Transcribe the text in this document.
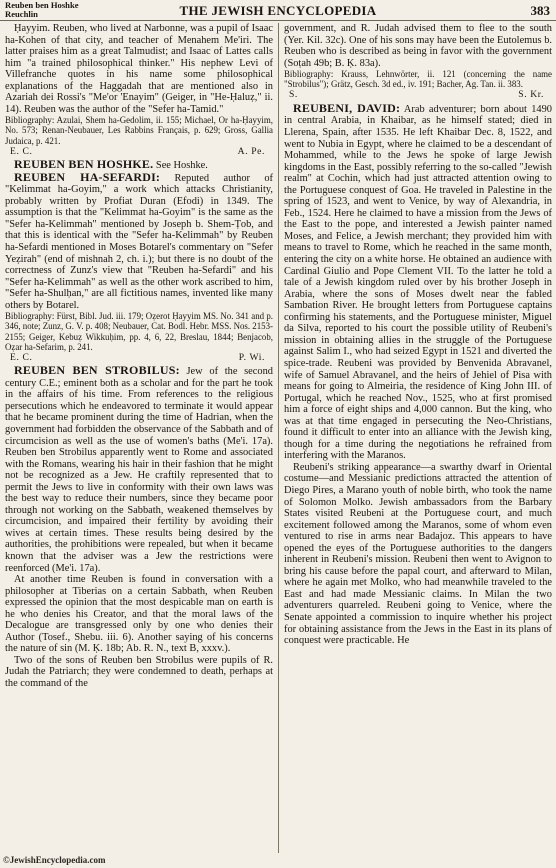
Reuben ben Hoshke
Reuchlin	THE JEWISH ENCYCLOPEDIA	383

Ḥayyim. Reuben, who lived at Narbonne, was a pupil of Isaac ha-Kohen of that city, and teacher of Menahem Me'iri. The latter praises him as a great Talmudist; and Isaac of Lattes calls him "a trained philosophical thinker." His nephew Levi of Villefranche quotes in his name some philosophical explanations of the Haggadah that are mentioned also in Azariah dei Rossi's "Me'or 'Enayim" (Geiger, in "He-Ḥaluẓ," ii. 14). Reuben was the author of the "Sefer ha-Tamid."

Bibliography: Azulai, Shem ha-Gedolim, ii. 155; Michael, Or ha-Ḥayyim, No. 573; Renan-Neubauer, Les Rabbins Français, p. 629; Gross, Gallia Judaica, p. 421.

E. C.	A. Pe.

REUBEN BEN HOSHKE. See Hoshke.

REUBEN HA-SEFARDI: Reputed author of "Kelimmat ha-Goyim," a work which attacks Christianity, probably written by Profiat Duran (Efodi) in 1349. The assumption is that the "Kelimmat ha-Goyim" is the same as the "Sefer ha-Kelimmah" mentioned by Joseph b. Shem-Ṭob, and that this is identical with the "Sefer ha-Kelimmah" by Reuben ha-Sefardi mentioned in Moses Botarel's commentary on "Sefer Yeẓirah" (end of mishnah 2, ch. i.); but there is no doubt of the correctness of Zunz's view that "Reuben ha-Sefardi" and his "Sefer ha-Kelimmah" as well as the other work ascribed to him, "Sefer ha-Shulḥan," are all fictitious names, invented like many others by Botarel.

Bibliography: Fürst, Bibl. Jud. iii. 179; Oẓerot Ḥayyim MS. No. 341 and p. 346, note; Zunz, G. V. p. 408; Neubauer, Cat. Bodl. Hebr. MSS. Nos. 2153-2155; Geiger, Kebuẓ Wikkuḥim, pp. 4, 6, 22, Breslau, 1844; Benjacob, Oẓar ha-Sefarim, p. 241.

E. C.	P. Wi.

REUBEN BEN STROBILUS: Jew of the second century C.E.; eminent both as a scholar and for the part he took in the affairs of his time. From references to the religious persecutions which he endeavored to terminate it would appear that he became prominent during the time of Hadrian, when the government had forbidden the observance of the Sabbath and of circumcision as well as the use of women's baths (Me'i. 17a). Reuben ben Strobilus apparently went to Rome and associated with the Romans, wearing his hair in their fashion that he might not be recognized as a Jew. He craftily represented that to permit the Jews to live in conformity with their own laws was the best way to reduce their numbers, since they became poor through not working on the Sabbath, weakened themselves by circumcision, and impaired their fertility by avoiding their wives at certain times. These results being desired by the authorities, the prohibitions were repealed, but when it became known that the adviser was a Jew the restrictions were reenforced (Me'i. 17a).

At another time Reuben is found in conversation with a philosopher at Tiberias on a certain Sabbath, when Reuben expressed the opinion that the most despicable man on earth is he who denies his Creator, and that the moral laws of the Decalogue are transgressed only by one who denies their Author (Tosef., Shebu. iii. 6). Another saying of his concerns the nature of sin (M. Ḳ. 18b; Ab. R. N., text B, xxxv.).

Two of the sons of Reuben ben Strobilus were pupils of R. Judah the Patriarch; they were condemned to death, perhaps at the command of the

government, and R. Judah advised them to flee to the south (Yer. Kil. 32c). One of his sons may have been the Eutolemus b. Reuben who is described as being in favor with the government (Soṭah 49b; B. Ḳ. 83a).

Bibliography: Krauss, Lehnwörter, ii. 121 (concerning the name "Strobilus"); Grätz, Gesch. 3d ed., iv. 191; Bacher, Ag. Tan. ii. 383.

S.	S. Kr.

REUBENI, DAVID: Arab adventurer; born about 1490 in central Arabia, in Khaibar, as he himself stated; died in Llerena, Spain, after 1535. He left Khaibar Dec. 8, 1522, and went to Nubia in Egypt, where he claimed to be a descendant of Mohammed, while to the Jews he spoke of large Jewish kingdoms in the East, possibly referring to the so-called "Jewish realm" at Cochin, which had just attracted attention owing to the Portuguese conquest of Goa. He traveled in Palestine in the spring of 1523, and went to Venice, by way of Alexandria, in Feb., 1524. Here he claimed to have a mission from the Jews of the East to the pope, and interested a Jewish painter named Moses, and Felice, a Jewish merchant; they provided him with means to travel to Rome, which he reached in the same month, entering the city on a white horse. He obtained an audience with Cardinal Giulio and Pope Clement VII. To the latter he told a tale of a Jewish kingdom ruled over by his brother Joseph in Arabia, where the sons of Moses dwelt near the fabled Sambation River. He brought letters from Portuguese captains confirming his statements, and the Portuguese minister, Miguel da Silva, reported to his court the possible utility of Reubeni's mission in obtaining allies in the struggle of the Portuguese against Salim I., who had seized Egypt in 1521 and diverted the spice-trade. Reubeni was provided by Benvenida Abravanel, wife of Samuel Abravanel, and the heirs of Jehiel of Pisa with means for going to Almeiria, the residence of King John III. of Portugal, which he reached Nov., 1525, who at first promised him a force of eight ships and 4,000 cannon. But the king, who was at that time engaged in persecuting the Neo-Christians, found it difficult to enter into an alliance with the Jewish king, though for a time during the negotiations he refrained from interfering with the Maranos.

Reubeni's striking appearance—a swarthy dwarf in Oriental costume—and Messianic predictions attracted the attention of Diego Pires, a Marano youth of noble birth, who took the name of Solomon Molko. Jewish ambassadors from the Barbary States visited Reubeni at the Portuguese court, and much excitement followed among the Maranos, some of whom even ventured to rise in arms near Badajoz. This appears to have opened the eyes of the Portuguese authorities to the dangers inherent in Reubeni's mission. Reubeni then went to Avignon to bring his cause before the papal court, and afterward to Milan, where he again met Molko, who had meanwhile traveled to the East and had made Messianic claims. In Milan the two adventurers quarreled. Reubeni going to Venice, where the Senate appointed a commission to inquire whether his project for obtaining assistance from the Jews in the East in its plans of conquest were practicable. He

©JewishEncyclopedia.com
